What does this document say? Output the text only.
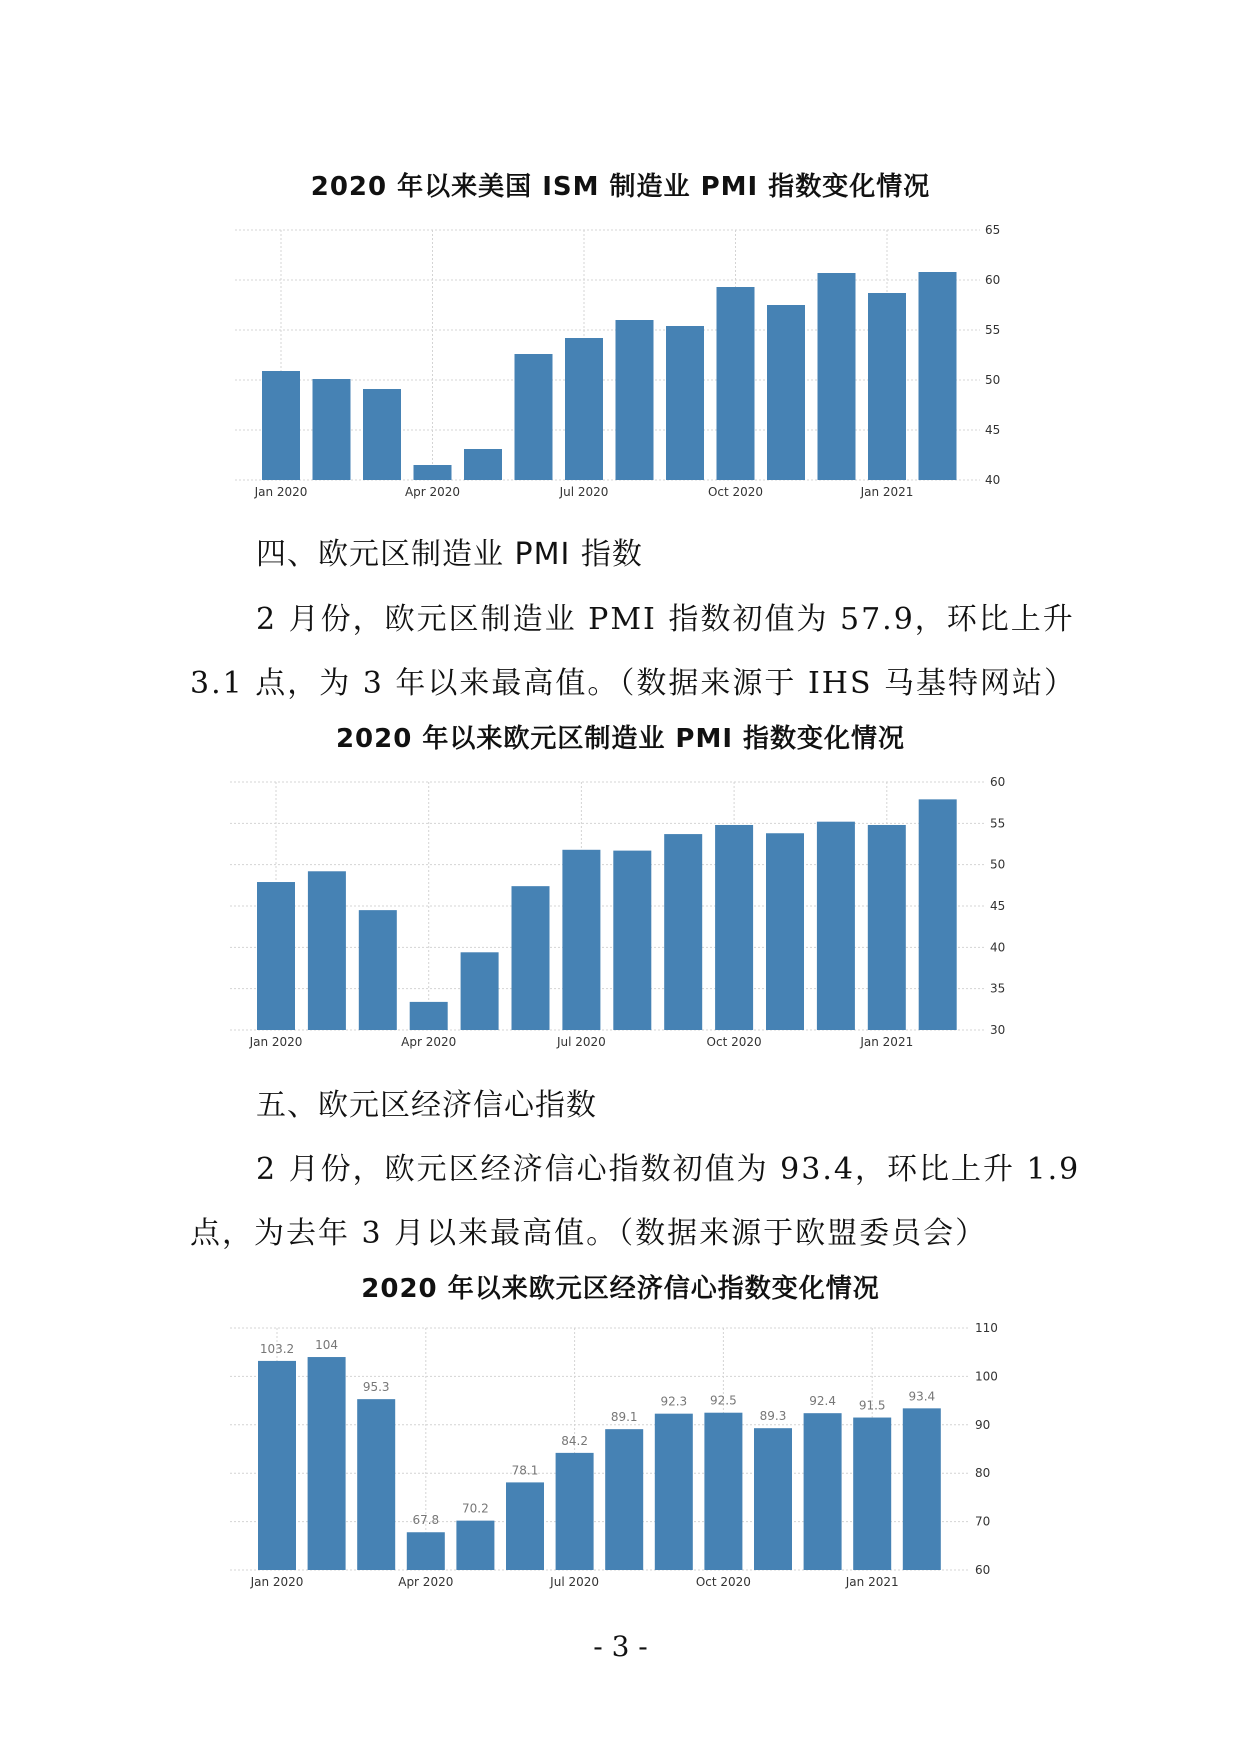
2020 年以来美国 ISM 制造业 PMI 指数变化情况
40
45
50
55
60
65
Jan 2020	Apr 2020	Jul 2020	Oct 2020	Jan 2021
四、欧元区制造业 PMI 指数
2 月份，欧元区制造业 PMI 指数初值为 57.9，环比上升
3.1 点，为 3 年以来最高值。（数据来源于 IHS 马基特网站）
2020 年以来欧元区制造业 PMI 指数变化情况
30
35
40
45
50
55
60
Jan 2020	Apr 2020	Jul 2020	Oct 2020	Jan 2021
五、欧元区经济信心指数
2 月份，欧元区经济信心指数初值为 93.4，环比上升 1.9
点，为去年 3 月以来最高值。（数据来源于欧盟委员会）
2020 年以来欧元区经济信心指数变化情况
60
70
80
90
100
110
Jan 2020	Apr 2020	Jul 2020	Oct 2020	Jan 2021
103.2 104
95.3
67.8
70.2
78.1
84.2
89.1
92.3 92.5
89.3
92.4 91.5
93.4
- 3 -
